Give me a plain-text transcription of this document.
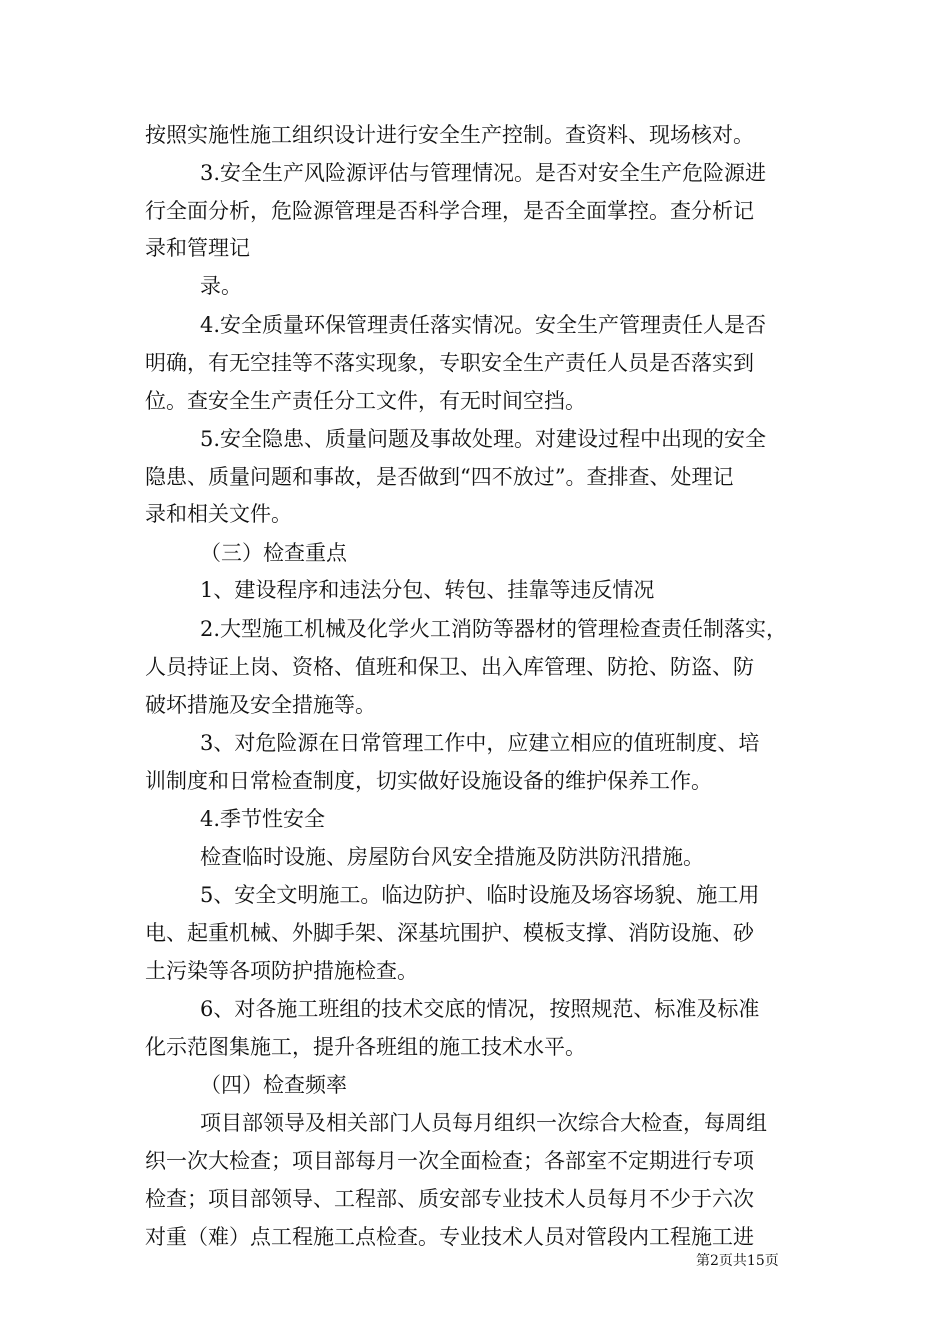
按照实施性施工组织设计进行安全生产控制。查资料、现场核对。
3.安全生产风险源评估与管理情况。是否对安全生产危险源进
行全面分析，危险源管理是否科学合理，是否全面掌控。查分析记
录和管理记
录。
4.安全质量环保管理责任落实情况。安全生产管理责任人是否
明确，有无空挂等不落实现象，专职安全生产责任人员是否落实到
位。查安全生产责任分工文件，有无时间空挡。
5.安全隐患、质量问题及事故处理。对建设过程中出现的安全
隐患、质量问题和事故，是否做到“四不放过”。查排查、处理记
录和相关文件。
（三）检查重点
1、建设程序和违法分包、转包、挂靠等违反情况
2.大型施工机械及化学火工消防等器材的管理检查责任制落实，
人员持证上岗、资格、值班和保卫、出入库管理、防抢、防盗、防
破坏措施及安全措施等。
3、对危险源在日常管理工作中，应建立相应的值班制度、培
训制度和日常检查制度，切实做好设施设备的维护保养工作。
4.季节性安全
检查临时设施、房屋防台风安全措施及防洪防汛措施。
5、安全文明施工。临边防护、临时设施及场容场貌、施工用
电、起重机械、外脚手架、深基坑围护、模板支撑、消防设施、砂
土污染等各项防护措施检查。
6、对各施工班组的技术交底的情况，按照规范、标准及标准
化示范图集施工，提升各班组的施工技术水平。
（四）检查频率
项目部领导及相关部门人员每月组织一次综合大检查，每周组
织一次大检查；项目部每月一次全面检查；各部室不定期进行专项
检查；项目部领导、工程部、质安部专业技术人员每月不少于六次
对重（难）点工程施工点检查。专业技术人员对管段内工程施工进
第2页共15页
